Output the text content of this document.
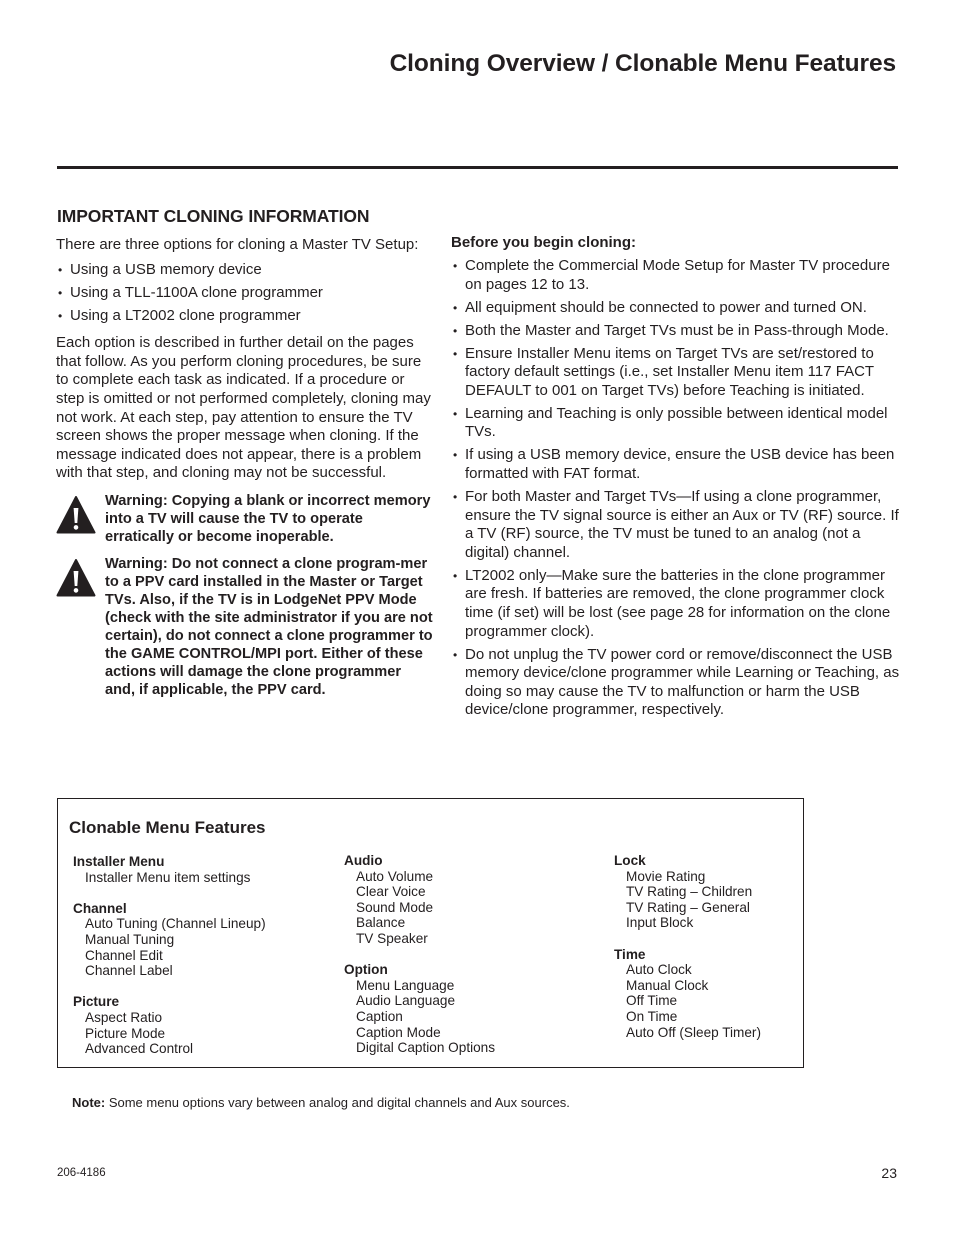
Cloning Overview / Clonable Menu Features
IMPORTANT CLONING INFORMATION

There are three options for cloning a Master TV Setup:

• Using a USB memory device
• Using a TLL-1100A clone programmer
• Using a LT2002 clone programmer

Each option is described in further detail on the pages that follow. As you perform cloning procedures, be sure to complete each task as indicated. If a procedure or step is omitted or not performed completely, cloning may not work. At each step, pay attention to ensure the TV screen shows the proper message when cloning. If the message indicated does not appear, there is a problem with that step, and cloning may not be successful.

Warning: Copying a blank or incorrect memory into a TV will cause the TV to operate erratically or become inoperable.
Warning: Do not connect a clone program-mer to a PPV card installed in the Master or Target TVs. Also, if the TV is in LodgeNet PPV Mode (check with the site administrator if you are not certain), do not connect a clone programmer to the GAME CONTROL/MPI port. Either of these actions will damage the clone programmer and, if applicable, the PPV card.

Before you begin cloning:

• Complete the Commercial Mode Setup for Master TV procedure on pages 12 to 13.
• All equipment should be connected to power and turned ON.
• Both the Master and Target TVs must be in Pass-through Mode.
• Ensure Installer Menu items on Target TVs are set/restored to factory default settings (i.e., set Installer Menu item 117 FACT DEFAULT to 001 on Target TVs) before Teaching is initiated.
• Learning and Teaching is only possible between identical model TVs.
• If using a USB memory device, ensure the USB device has been formatted with FAT format.
• For both Master and Target TVs—If using a clone programmer, ensure the TV signal source is either an Aux or TV (RF) source. If a TV (RF) source, the TV must be tuned to an analog (not a digital) channel.
• LT2002 only—Make sure the batteries in the clone programmer are fresh. If batteries are removed, the clone programmer clock time (if set) will be lost (see page 28 for information on the clone programmer clock).
• Do not unplug the TV power cord or remove/disconnect the USB memory device/clone programmer while Learning or Teaching, as doing so may cause the TV to malfunction or harm the USB device/clone programmer, respectively.
Clonable Menu Features
Installer Menu
Installer Menu item settings
Channel
Auto Tuning (Channel Lineup)
Manual Tuning
Channel Edit
Channel Label
Picture
Aspect Ratio
Picture Mode
Advanced Control
Audio
Auto Volume
Clear Voice
Sound Mode
Balance
TV Speaker
Option
Menu Language
Audio Language
Caption
Caption Mode
Digital Caption Options
Lock
Movie Rating
TV Rating – Children
TV Rating – General
Input Block
Time
Auto Clock
Manual Clock
Off Time
On Time
Auto Off (Sleep Timer)

Note: Some menu options vary between analog and digital channels and Aux sources.

206-4186	23
